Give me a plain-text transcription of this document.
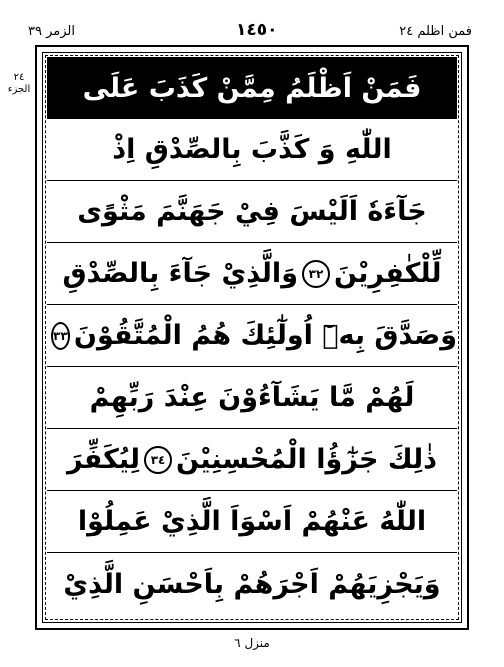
الزمر ٣٩	١٤٥٠	فمن اظلم ٢٤
٢٤ الجزء فَمَنْ اَظْلَمُ مِمَّنْ كَذَبَ عَلَى
اللّٰهِ وَ كَذَّبَ بِالصِّدْقِ اِذْ
جَآءَهٗ اَلَيْسَ فِيْ جَهَنَّمَ مَثْوًى
لِّلْكٰفِرِيْنَ
٣٢
وَالَّذِيْ جَآءَ بِالصِّدْقِ
وَصَدَّقَ بِهٖٓ اُولٰٓئِكَ هُمُ الْمُتَّقُوْنَ
٣٣
لَهُمْ مَّا يَشَآءُوْنَ عِنْدَ رَبِّهِمْ
ذٰلِكَ جَزٰٓؤُا الْمُحْسِنِيْنَ
٣٤
لِيُكَفِّرَ
اللّٰهُ عَنْهُمْ اَسْوَاَ الَّذِيْ عَمِلُوْا
وَيَجْزِيَهُمْ اَجْرَهُمْ بِاَحْسَنِ الَّذِيْ
منزل ٦
